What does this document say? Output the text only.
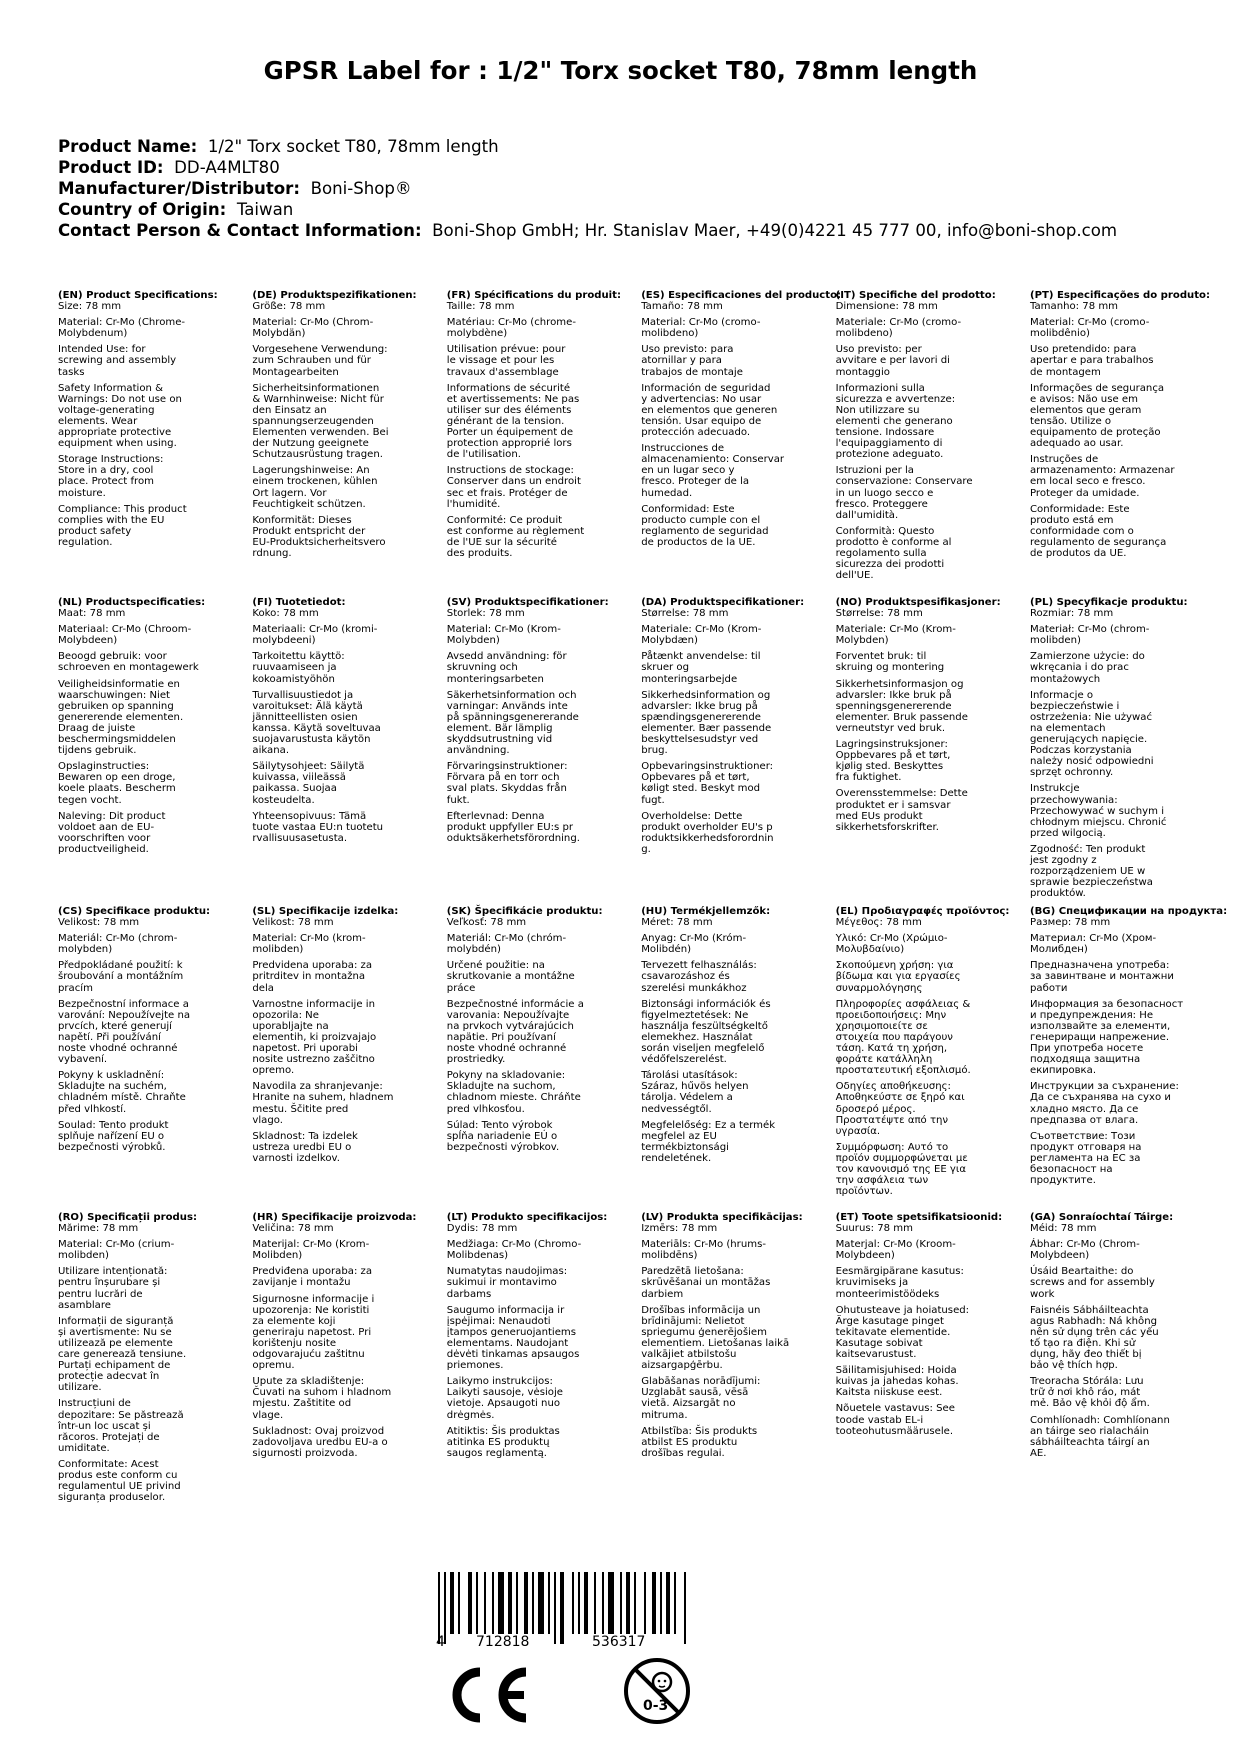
GPSR Label for : 1/2" Torx socket T80, 78mm length
Product Name: 1/2" Torx socket T80, 78mm length
Product ID: DD-A4MLT80
Manufacturer/Distributor: Boni-Shop®
Country of Origin: Taiwan
Contact Person & Contact Information: Boni-Shop GmbH; Hr. Stanislav Maer, +49(0)4221 45 777 00, info@boni-shop.com
(EN) Product Specifications:
Size: 78 mm
Material: Cr-Mo (Chrome-
Molybdenum)
Intended Use: for
screwing and assembly
tasks
Safety Information &
Warnings: Do not use on
voltage-generating
elements. Wear
appropriate protective
equipment when using.
Storage Instructions:
Store in a dry, cool
place. Protect from
moisture.
Compliance: This product
complies with the EU
product safety
regulation.
(DE) Produktspezifikationen:
Größe: 78 mm
Material: Cr-Mo (Chrom-
Molybdän)
Vorgesehene Verwendung:
zum Schrauben und für
Montagearbeiten
Sicherheitsinformationen
& Warnhinweise: Nicht für
den Einsatz an
spannungserzeugenden
Elementen verwenden. Bei
der Nutzung geeignete
Schutzausrüstung tragen.
Lagerungshinweise: An
einem trockenen, kühlen
Ort lagern. Vor
Feuchtigkeit schützen.
Konformität: Dieses
Produkt entspricht der
EU-Produktsicherheitsvero
rdnung.
(FR) Spécifications du produit:
Taille: 78 mm
Matériau: Cr-Mo (chrome-
molybdène)
Utilisation prévue: pour
le vissage et pour les
travaux d'assemblage
Informations de sécurité
et avertissements: Ne pas
utiliser sur des éléments
générant de la tension.
Porter un équipement de
protection approprié lors
de l'utilisation.
Instructions de stockage:
Conserver dans un endroit
sec et frais. Protéger de
l'humidité.
Conformité: Ce produit
est conforme au règlement
de l'UE sur la sécurité
des produits.
(ES) Especificaciones del producto:
Tamaño: 78 mm
Material: Cr-Mo (cromo-
molibdeno)
Uso previsto: para
atornillar y para
trabajos de montaje
Información de seguridad
y advertencias: No usar
en elementos que generen
tensión. Usar equipo de
protección adecuado.
Instrucciones de
almacenamiento: Conservar
en un lugar seco y
fresco. Proteger de la
humedad.
Conformidad: Este
producto cumple con el
reglamento de seguridad
de productos de la UE.
(IT) Specifiche del prodotto:
Dimensione: 78 mm
Materiale: Cr-Mo (cromo-
molibdeno)
Uso previsto: per
avvitare e per lavori di
montaggio
Informazioni sulla
sicurezza e avvertenze:
Non utilizzare su
elementi che generano
tensione. Indossare
l'equipaggiamento di
protezione adeguato.
Istruzioni per la
conservazione: Conservare
in un luogo secco e
fresco. Proteggere
dall'umidità.
Conformità: Questo
prodotto è conforme al
regolamento sulla
sicurezza dei prodotti
dell'UE.
(PT) Especificações do produto:
Tamanho: 78 mm
Material: Cr-Mo (cromo-
molibdênio)
Uso pretendido: para
apertar e para trabalhos
de montagem
Informações de segurança
e avisos: Não use em
elementos que geram
tensão. Utilize o
equipamento de proteção
adequado ao usar.
Instruções de
armazenamento: Armazenar
em local seco e fresco.
Proteger da umidade.
Conformidade: Este
produto está em
conformidade com o
regulamento de segurança
de produtos da UE.
(NL) Productspecificaties:
Maat: 78 mm
Materiaal: Cr-Mo (Chroom-
Molybdeen)
Beoogd gebruik: voor
schroeven en montagewerk
Veiligheidsinformatie en
waarschuwingen: Niet
gebruiken op spanning
genererende elementen.
Draag de juiste
beschermingsmiddelen
tijdens gebruik.
Opslaginstructies:
Bewaren op een droge,
koele plaats. Bescherm
tegen vocht.
Naleving: Dit product
voldoet aan de EU-
voorschriften voor
productveiligheid.
(FI) Tuotetiedot:
Koko: 78 mm
Materiaali: Cr-Mo (kromi-
molybdeeni)
Tarkoitettu käyttö:
ruuvaamiseen ja
kokoamistyöhön
Turvallisuustiedot ja
varoitukset: Älä käytä
jännitteellisten osien
kanssa. Käytä soveltuvaa
suojavarustusta käytön
aikana.
Säilytysohjeet: Säilytä
kuivassa, viileässä
paikassa. Suojaa
kosteudelta.
Yhteensopivuus: Tämä
tuote vastaa EU:n tuotetu
rvallisuusasetusta.
(SV) Produktspecifikationer:
Storlek: 78 mm
Material: Cr-Mo (Krom-
Molybden)
Avsedd användning: för
skruvning och
monteringsarbeten
Säkerhetsinformation och
varningar: Används inte
på spänningsgenererande
element. Bär lämplig
skyddsutrustning vid
användning.
Förvaringsinstruktioner:
Förvara på en torr och
sval plats. Skyddas från
fukt.
Efterlevnad: Denna
produkt uppfyller EU:s pr
oduktsäkerhetsförordning.
(DA) Produktspecifikationer:
Størrelse: 78 mm
Materiale: Cr-Mo (Krom-
Molybdæn)
Påtænkt anvendelse: til
skruer og
monteringsarbejde
Sikkerhedsinformation og
advarsler: Ikke brug på
spændingsgenererende
elementer. Bær passende
beskyttelsesudstyr ved
brug.
Opbevaringsinstruktioner:
Opbevares på et tørt,
køligt sted. Beskyt mod
fugt.
Overholdelse: Dette
produkt overholder EU's p
roduktsikkerhedsforordnin
g.
(NO) Produktspesifikasjoner:
Størrelse: 78 mm
Materiale: Cr-Mo (Krom-
Molybden)
Forventet bruk: til
skruing og montering
Sikkerhetsinformasjon og
advarsler: Ikke bruk på
spenningsgenererende
elementer. Bruk passende
verneutstyr ved bruk.
Lagringsinstruksjoner:
Oppbevares på et tørt,
kjølig sted. Beskyttes
fra fuktighet.
Overensstemmelse: Dette
produktet er i samsvar
med EUs produkt
sikkerhetsforskrifter.
(PL) Specyfikacje produktu:
Rozmiar: 78 mm
Materiał: Cr-Mo (chrom-
molibden)
Zamierzone użycie: do
wkręcania i do prac
montażowych
Informacje o
bezpieczeństwie i
ostrzeżenia: Nie używać
na elementach
generujących napięcie.
Podczas korzystania
należy nosić odpowiedni
sprzęt ochronny.
Instrukcje
przechowywania:
Przechowywać w suchym i
chłodnym miejscu. Chronić
przed wilgocią.
Zgodność: Ten produkt
jest zgodny z
rozporządzeniem UE w
sprawie bezpieczeństwa
produktów.
(CS) Specifikace produktu:
Velikost: 78 mm
Materiál: Cr-Mo (chrom-
molybden)
Předpokládané použití: k
šroubování a montážním
pracím
Bezpečnostní informace a
varování: Nepoužívejte na
prvcích, které generují
napětí. Při používání
noste vhodné ochranné
vybavení.
Pokyny k uskladnění:
Skladujte na suchém,
chladném místě. Chraňte
před vlhkostí.
Soulad: Tento produkt
splňuje nařízení EU o
bezpečnosti výrobků.
(SL) Specifikacije izdelka:
Velikost: 78 mm
Material: Cr-Mo (krom-
molibden)
Predvidena uporaba: za
pritrditev in montažna
dela
Varnostne informacije in
opozorila: Ne
uporabljajte na
elementih, ki proizvajajo
napetost. Pri uporabi
nosite ustrezno zaščitno
opremo.
Navodila za shranjevanje:
Hranite na suhem, hladnem
mestu. Ščitite pred
vlago.
Skladnost: Ta izdelek
ustreza uredbi EU o
varnosti izdelkov.
(SK) Špecifikácie produktu:
Veľkosť: 78 mm
Materiál: Cr-Mo (chróm-
molybdén)
Určené použitie: na
skrutkovanie a montážne
práce
Bezpečnostné informácie a
varovania: Nepoužívajte
na prvkoch vytvárajúcich
napätie. Pri používaní
noste vhodné ochranné
prostriedky.
Pokyny na skladovanie:
Skladujte na suchom,
chladnom mieste. Chráňte
pred vlhkosťou.
Súlad: Tento výrobok
spĺňa nariadenie EÚ o
bezpečnosti výrobkov.
(HU) Termékjellemzők:
Méret: 78 mm
Anyag: Cr-Mo (Króm-
Molibdén)
Tervezett felhasználás:
csavarozáshoz és
szerelési munkákhoz
Biztonsági információk és
figyelmeztetések: Ne
használja feszültségkeltő
elemekhez. Használat
során viseljen megfelelő
védőfelszerelést.
Tárolási utasítások:
Száraz, hűvös helyen
tárolja. Védelem a
nedvességtől.
Megfelelőség: Ez a termék
megfelel az EU
termékbiztonsági
rendeletének.
(EL) Προδιαγραφές προϊόντος:
Μέγεθος: 78 mm
Υλικό: Cr-Mo (Χρώμιο-
Μολυβδαίνιο)
Σκοπούμενη χρήση: για
βίδωμα και για εργασίες
συναρμολόγησης
Πληροφορίες ασφάλειας &
προειδοποιήσεις: Μην
χρησιμοποιείτε σε
στοιχεία που παράγουν
τάση. Κατά τη χρήση,
φοράτε κατάλληλη
προστατευτική εξοπλισμό.
Οδηγίες αποθήκευσης:
Αποθηκεύστε σε ξηρό και
δροσερό μέρος.
Προστατέψτε από την
υγρασία.
Συμμόρφωση: Αυτό το
προϊόν συμμορφώνεται με
τον κανονισμό της ΕΕ για
την ασφάλεια των
προϊόντων.
(BG) Спецификации на продукта:
Размер: 78 mm
Материал: Cr-Mo (Хром-
Молибден)
Предназначена употреба:
за завинтване и монтажни
работи
Информация за безопасност
и предупреждения: Не
използвайте за елементи,
генериращи напрежение.
При употреба носете
подходяща защитна
екипировка.
Инструкции за съхранение:
Да се съхранява на сухо и
хладно място. Да се
предпазва от влага.
Съответствие: Този
продукт отговаря на
регламента на ЕС за
безопасност на
продуктите.
(RO) Specificații produs:
Mărime: 78 mm
Material: Cr-Mo (crium-
molibden)
Utilizare intenționată:
pentru înșurubare și
pentru lucrări de
asamblare
Informații de siguranță
și avertismente: Nu se
utilizează pe elemente
care generează tensiune.
Purtați echipament de
protecție adecvat în
utilizare.
Instrucțiuni de
depozitare: Se păstrează
într-un loc uscat și
răcoros. Protejați de
umiditate.
Conformitate: Acest
produs este conform cu
regulamentul UE privind
siguranța produselor.
(HR) Specifikacije proizvoda:
Veličina: 78 mm
Materijal: Cr-Mo (Krom-
Molibden)
Predviđena uporaba: za
zavijanje i montažu
Sigurnosne informacije i
upozorenja: Ne koristiti
za elemente koji
generiraju napetost. Pri
korištenju nosite
odgovarajuću zaštitnu
opremu.
Upute za skladištenje:
Čuvati na suhom i hladnom
mjestu. Zaštitite od
vlage.
Sukladnost: Ovaj proizvod
zadovoljava uredbu EU-a o
sigurnosti proizvoda.
(LT) Produkto specifikacijos:
Dydis: 78 mm
Medžiaga: Cr-Mo (Chromo-
Molibdenas)
Numatytas naudojimas:
sukimui ir montavimo
darbams
Saugumo informacija ir
įspėjimai: Nenaudoti
įtampos generuojantiems
elementams. Naudojant
dėvėti tinkamas apsaugos
priemones.
Laikymo instrukcijos:
Laikyti sausoje, vėsioje
vietoje. Apsaugoti nuo
drėgmės.
Atitiktis: Šis produktas
atitinka ES produktų
saugos reglamentą.
(LV) Produkta specifikācijas:
Izmērs: 78 mm
Materiāls: Cr-Mo (hrums-
molibdēns)
Paredzētā lietošana:
skrūvēšanai un montāžas
darbiem
Drošības informācija un
brīdinājumi: Nelietot
spriegumu ģenerējošiem
elementiem. Lietošanas laikā
valkājiet atbilstošu
aizsargapģērbu.
Glabāšanas norādījumi:
Uzglabāt sausā, vēsā
vietā. Aizsargāt no
mitruma.
Atbilstība: Šis produkts
atbilst ES produktu
drošības regulai.
(ET) Toote spetsifikatsioonid:
Suurus: 78 mm
Materjal: Cr-Mo (Kroom-
Molybdeen)
Eesmärgipärane kasutus:
kruvimiseks ja
monteerimistöödeks
Ohutusteave ja hoiatused:
Ärge kasutage pinget
tekitavate elementide.
Kasutage sobivat
kaitsevarustust.
Säilitamisjuhised: Hoida
kuivas ja jahedas kohas.
Kaitsta niiskuse eest.
Nõuetele vastavus: See
toode vastab EL-i
tooteohutusmäärusele.
(GA) Sonraíochtaí Táirge:
Méid: 78 mm
Ábhar: Cr-Mo (Chrom-
Molybdeen)
Úsáid Beartaithe: do
screws and for assembly
work
Faisnéis Sábháilteachta
agus Rabhadh: Ná không
nên sử dụng trên các yếu
tố tạo ra điện. Khi sử
dụng, hãy đeo thiết bị
bảo vệ thích hợp.
Treoracha Stórála: Lưu
trữ ở nơi khô ráo, mát
mẻ. Bảo vệ khỏi độ ẩm.
Comhlíonadh: Comhlíonann
an táirge seo rialacháin
sábháilteachta táirgí an
AE.
4 712818	536317
0-3
